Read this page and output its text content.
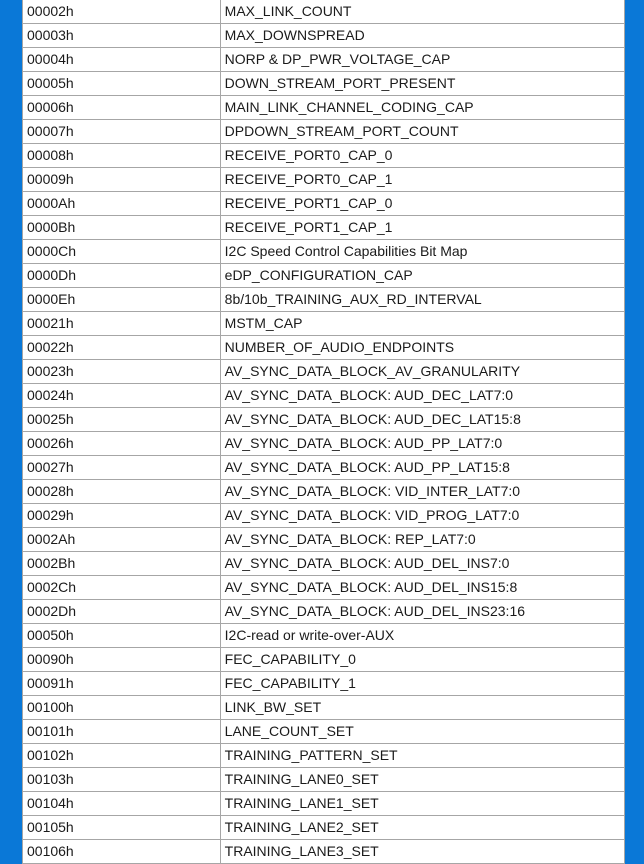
00002h	MAX_LINK_COUNT
00003h	MAX_DOWNSPREAD
00004h	NORP & DP_PWR_VOLTAGE_CAP
00005h	DOWN_STREAM_PORT_PRESENT
00006h	MAIN_LINK_CHANNEL_CODING_CAP
00007h	DPDOWN_STREAM_PORT_COUNT
00008h	RECEIVE_PORT0_CAP_0
00009h	RECEIVE_PORT0_CAP_1
0000Ah	RECEIVE_PORT1_CAP_0
0000Bh	RECEIVE_PORT1_CAP_1
0000Ch	I2C Speed Control Capabilities Bit Map
0000Dh	eDP_CONFIGURATION_CAP
0000Eh	8b/10b_TRAINING_AUX_RD_INTERVAL
00021h	MSTM_CAP
00022h	NUMBER_OF_AUDIO_ENDPOINTS
00023h	AV_SYNC_DATA_BLOCK_AV_GRANULARITY
00024h	AV_SYNC_DATA_BLOCK: AUD_DEC_LAT7:0
00025h	AV_SYNC_DATA_BLOCK: AUD_DEC_LAT15:8
00026h	AV_SYNC_DATA_BLOCK: AUD_PP_LAT7:0
00027h	AV_SYNC_DATA_BLOCK: AUD_PP_LAT15:8
00028h	AV_SYNC_DATA_BLOCK: VID_INTER_LAT7:0
00029h	AV_SYNC_DATA_BLOCK: VID_PROG_LAT7:0
0002Ah	AV_SYNC_DATA_BLOCK: REP_LAT7:0
0002Bh	AV_SYNC_DATA_BLOCK: AUD_DEL_INS7:0
0002Ch	AV_SYNC_DATA_BLOCK: AUD_DEL_INS15:8
0002Dh	AV_SYNC_DATA_BLOCK: AUD_DEL_INS23:16
00050h	I2C-read or write-over-AUX
00090h	FEC_CAPABILITY_0
00091h	FEC_CAPABILITY_1
00100h	LINK_BW_SET
00101h	LANE_COUNT_SET
00102h	TRAINING_PATTERN_SET
00103h	TRAINING_LANE0_SET
00104h	TRAINING_LANE1_SET
00105h	TRAINING_LANE2_SET
00106h	TRAINING_LANE3_SET
